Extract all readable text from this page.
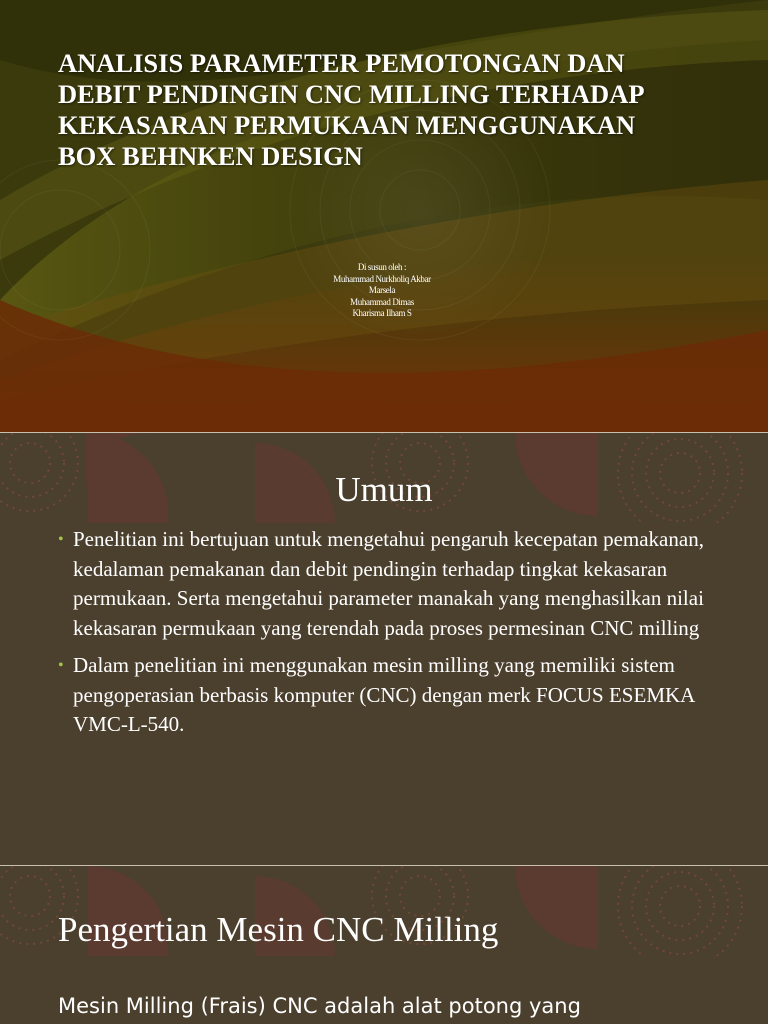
ANALISIS PARAMETER PEMOTONGAN DAN
DEBIT PENDINGIN CNC MILLING TERHADAP
KEKASARAN PERMUKAAN MENGGUNAKAN
BOX BEHNKEN DESIGN
Di susun oleh :
Muhammad Nurkholiq Akbar
Marsela
Muhammad Dimas
Kharisma Ilham S
Umum
• Penelitian ini bertujuan untuk mengetahui pengaruh kecepatan pemakanan, kedalaman pemakanan dan debit pendingin terhadap tingkat kekasaran permukaan. Serta mengetahui parameter manakah yang menghasilkan nilai kekasaran permukaan yang terendah pada proses permesinan CNC milling
• Dalam penelitian ini menggunakan mesin milling yang memiliki sistem pengoperasian berbasis komputer (CNC) dengan merk FOCUS ESEMKA VMC-L-540.
Pengertian Mesin CNC Milling

Mesin Milling (Frais) CNC adalah alat potong yang
